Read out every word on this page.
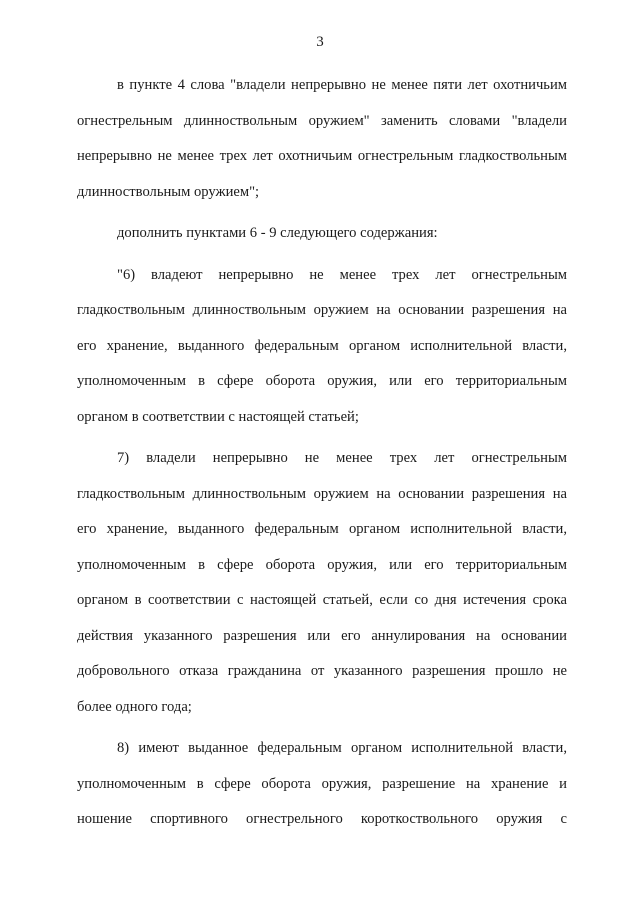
3
в пункте 4 слова "владели непрерывно не менее пяти лет охотничьим
огнестрельным длинноствольным оружием" заменить словами "владели
непрерывно не менее трех лет охотничьим огнестрельным гладкоствольным
длинноствольным оружием";
дополнить пунктами 6 - 9 следующего содержания:
"6) владеют непрерывно не менее трех лет огнестрельным
гладкоствольным длинноствольным оружием на основании разрешения на
его хранение, выданного федеральным органом исполнительной власти,
уполномоченным в сфере оборота оружия, или его территориальным
органом в соответствии с настоящей статьей;
7) владели непрерывно не менее трех лет огнестрельным
гладкоствольным длинноствольным оружием на основании разрешения на
его хранение, выданного федеральным органом исполнительной власти,
уполномоченным в сфере оборота оружия, или его территориальным
органом в соответствии с настоящей статьей, если со дня истечения срока
действия указанного разрешения или его аннулирования на основании
добровольного отказа гражданина от указанного разрешения прошло не
более одного года;
8) имеют выданное федеральным органом исполнительной власти,
уполномоченным в сфере оборота оружия, разрешение на хранение и
ношение спортивного огнестрельного короткоствольного оружия с
